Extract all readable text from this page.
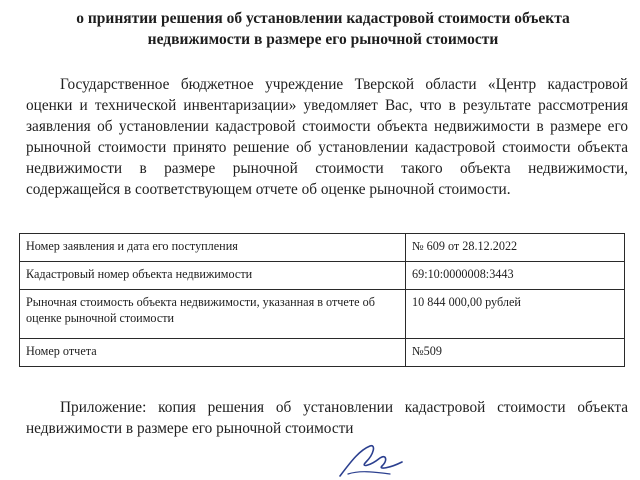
о принятии решения об установлении кадастровой стоимости объекта недвижимости в размере его рыночной стоимости
Государственное бюджетное учреждение Тверской области «Центр кадастровой оценки и технической инвентаризации» уведомляет Вас, что в результате рассмотрения заявления об установлении кадастровой стоимости объекта недвижимости в размере его рыночной стоимости принято решение об установлении кадастровой стоимости объекта недвижимости в размере рыночной стоимости такого объекта недвижимости, содержащейся в соответствующем отчете об оценке рыночной стоимости.
Номер заявления и дата его поступления	№ 609 от 28.12.2022
Кадастровый номер объекта недвижимости	69:10:0000008:3443
Рыночная стоимость объекта недвижимости, указанная в отчете об оценке рыночной стоимости	10 844 000,00 рублей
Номер отчета	№509
Приложение: копия решения об установлении кадастровой стоимости объекта недвижимости в размере его рыночной стоимости
